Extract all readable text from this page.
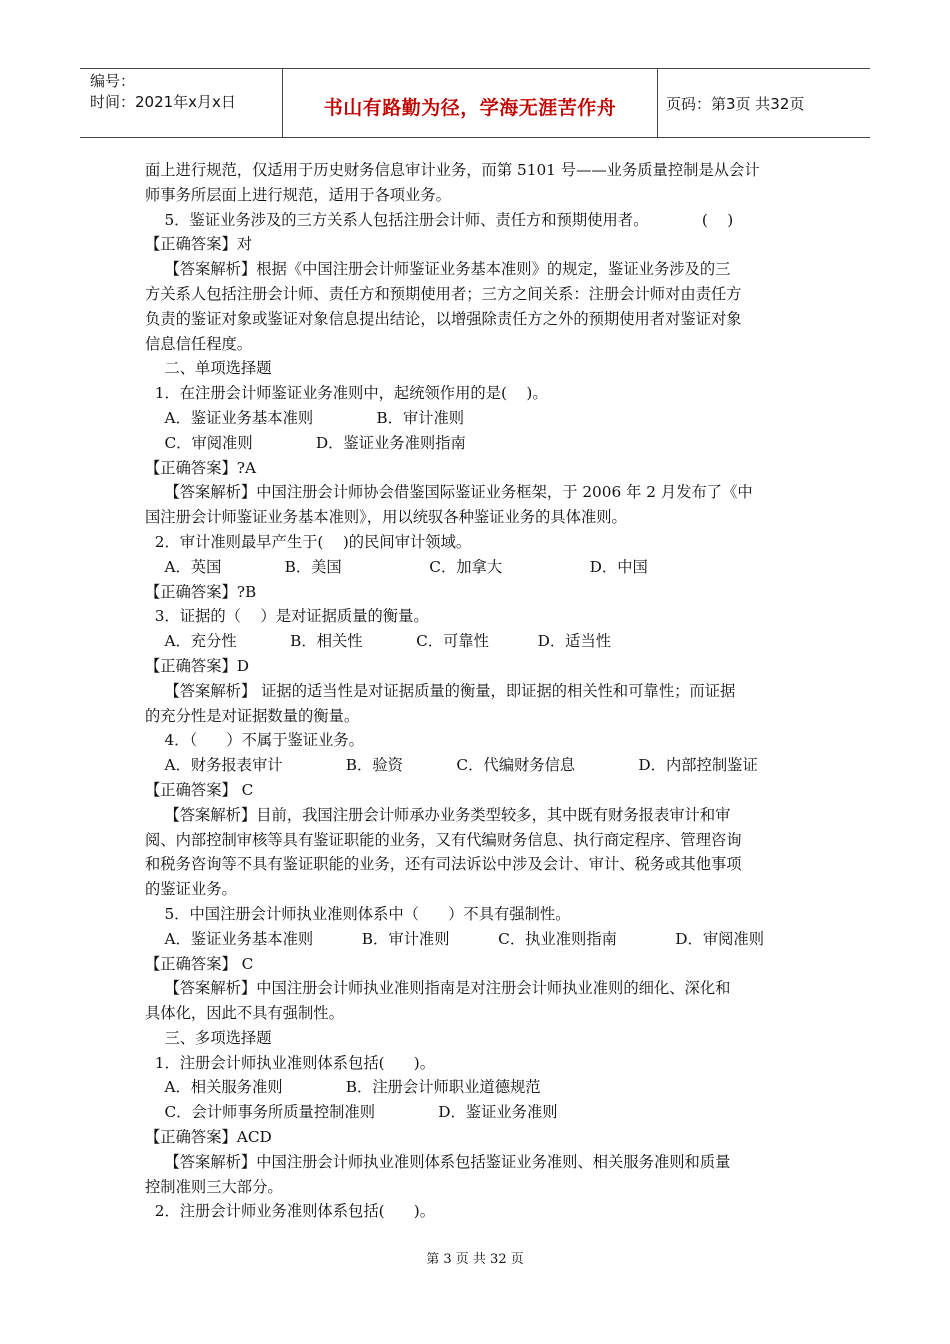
编号：
时间：2021年x月x日	书山有路勤为径，学海无涯苦作舟	页码：第3页 共32页
面上进行规范，仅适用于历史财务信息审计业务，而第 5101 号——业务质量控制是从会计
师事务所层面上进行规范，适用于各项业务。
5．鉴证业务涉及的三方关系人包括注册会计师、责任方和预期使用者。           (    )
【正确答案】对
【答案解析】根据《中国注册会计师鉴证业务基本准则》的规定，鉴证业务涉及的三
方关系人包括注册会计师、责任方和预期使用者；三方之间关系：注册会计师对由责任方
负责的鉴证对象或鉴证对象信息提出结论，以增强除责任方之外的预期使用者对鉴证对象
信息信任程度。
二、单项选择题
1．在注册会计师鉴证业务准则中，起统领作用的是(    )。
A．鉴证业务基本准则             B．审计准则
C．审阅准则             D．鉴证业务准则指南
【正确答案】?A
【答案解析】中国注册会计师协会借鉴国际鉴证业务框架，于 2006 年 2 月发布了《中
国注册会计师鉴证业务基本准则》，用以统驭各种鉴证业务的具体准则。
2．审计准则最早产生于(    )的民间审计领域。
A．英国             B．美国                  C．加拿大                  D．中国
【正确答案】?B
3．证据的（    ）是对证据质量的衡量。
A．充分性           B．相关性           C．可靠性          D．适当性
【正确答案】D
【答案解析】 证据的适当性是对证据质量的衡量，即证据的相关性和可靠性；而证据
的充分性是对证据数量的衡量。
4．（      ）不属于鉴证业务。
A．财务报表审计             B．验资           C．代编财务信息             D．内部控制鉴证
【正确答案】 C
【答案解析】目前，我国注册会计师承办业务类型较多，其中既有财务报表审计和审
阅、内部控制审核等具有鉴证职能的业务，又有代编财务信息、执行商定程序、管理咨询
和税务咨询等不具有鉴证职能的业务，还有司法诉讼中涉及会计、审计、税务或其他事项
的鉴证业务。
5．中国注册会计师执业准则体系中（      ）不具有强制性。
A．鉴证业务基本准则          B．审计准则          C．执业准则指南            D．审阅准则
【正确答案】 C
【答案解析】中国注册会计师执业准则指南是对注册会计师执业准则的细化、深化和
具体化，因此不具有强制性。
三、多项选择题
1．注册会计师执业准则体系包括(      )。
A．相关服务准则             B．注册会计师职业道德规范
C．会计师事务所质量控制准则             D．鉴证业务准则
【正确答案】ACD
【答案解析】中国注册会计师执业准则体系包括鉴证业务准则、相关服务准则和质量
控制准则三大部分。
2．注册会计师业务准则体系包括(      )。
第 3 页 共 32 页
